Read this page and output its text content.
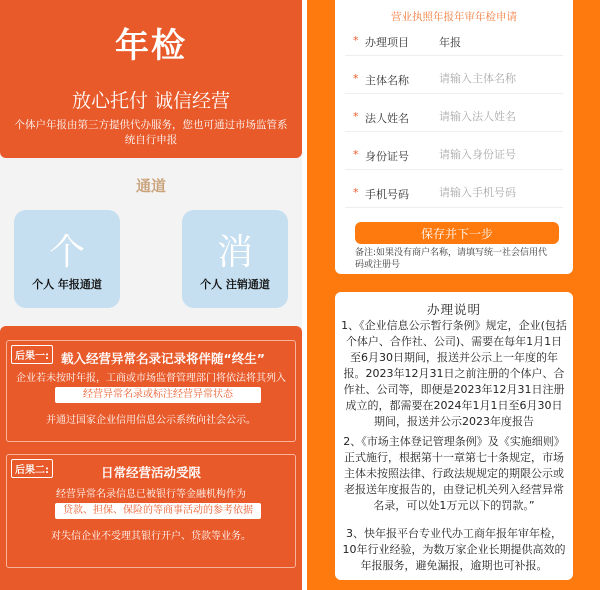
年检
放心托付 诚信经营
个体户年报由第三方提供代办服务，您也可通过市场监管系统自行申报
通道
个
个人 年报通道
消
个人 注销通道
后果一: 载入经营异常名录记录将伴随“终生”
企业若未按时年报，工商或市场监督管理部门将依法将其列入
经营异常名录或标注经营异常状态
并通过国家企业信用信息公示系统向社会公示。
后果二:	日常经营活动受限
经营异常名录信息已被银行等金融机构作为
贷款、担保、保险的等商事活动的参考依据
对失信企业不受理其银行开户、贷款等业务。
营业执照年报年审年检申请
* 办理项目	年报
* 主体名称
请输入主体名称
* 法人姓名
请输入法人姓名
* 身份证号
请输入身份证号
* 手机号码
请输入手机号码
保存并下一步
备注:如果没有商户名称，请填写统一社会信用代码或注册号
办理说明
1、《企业信息公示暂行条例》规定，企业(包括个体户、合作社、公司)、需要在每年1月1日至6月30日期间，报送并公示上一年度的年报。2023年12月31日之前注册的个体户、合作社、公司等，即便是2023年12月31日注册成立的，都需要在2024年1月1日至6月30日期间，报送并公示2023年度报告
2、《市场主体登记管理条例》及《实施细则》正式施行，根据第十一章第七十条规定，市场主体未按照法律、行政法规规定的期限公示或老报送年度报告的，由登记机关列入经营异常名录，可以处1万元以下的罚款。”
3、快年报平台专业代办工商年报年审年检，10年行业经验，为数万家企业长期提供高效的年报服务，避免漏报，逾期也可补报。
